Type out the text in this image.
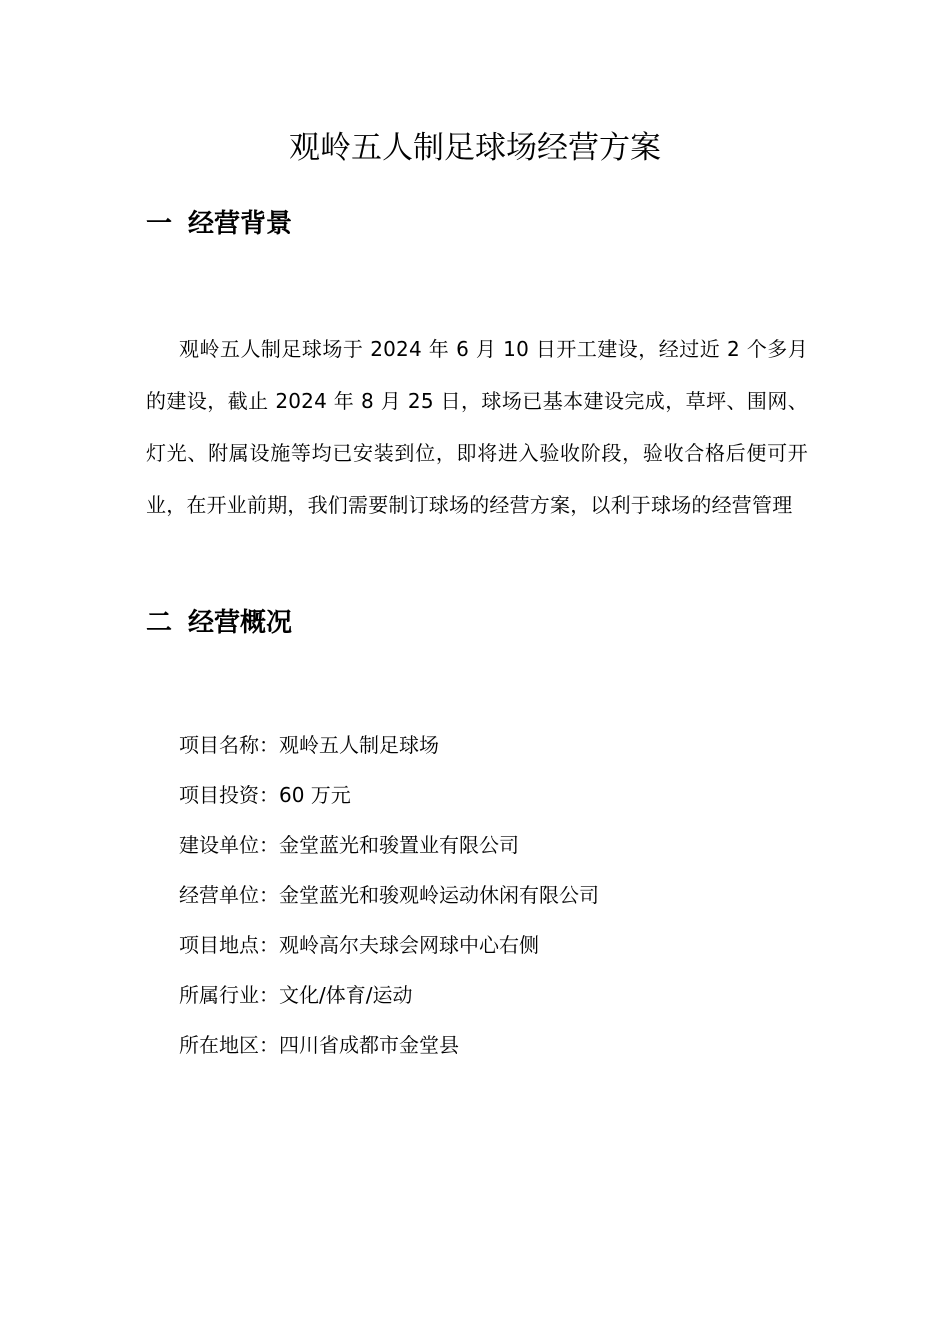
观岭五人制足球场经营方案
一 经营背景

观岭五人制足球场于 2024 年 6 月 10 日开工建设，经过近 2 个多月的建设，截止 2024 年 8 月 25 日，球场已基本建设完成，草坪、围网、灯光、附属设施等均已安装到位，即将进入验收阶段，验收合格后便可开业，在开业前期，我们需要制订球场的经营方案，以利于球场的经营管理

二 经营概况
项目名称：观岭五人制足球场
项目投资：60 万元
建设单位：金堂蓝光和骏置业有限公司
经营单位：金堂蓝光和骏观岭运动休闲有限公司
项目地点：观岭高尔夫球会网球中心右侧
所属行业：文化/体育/运动
所在地区：四川省成都市金堂县
